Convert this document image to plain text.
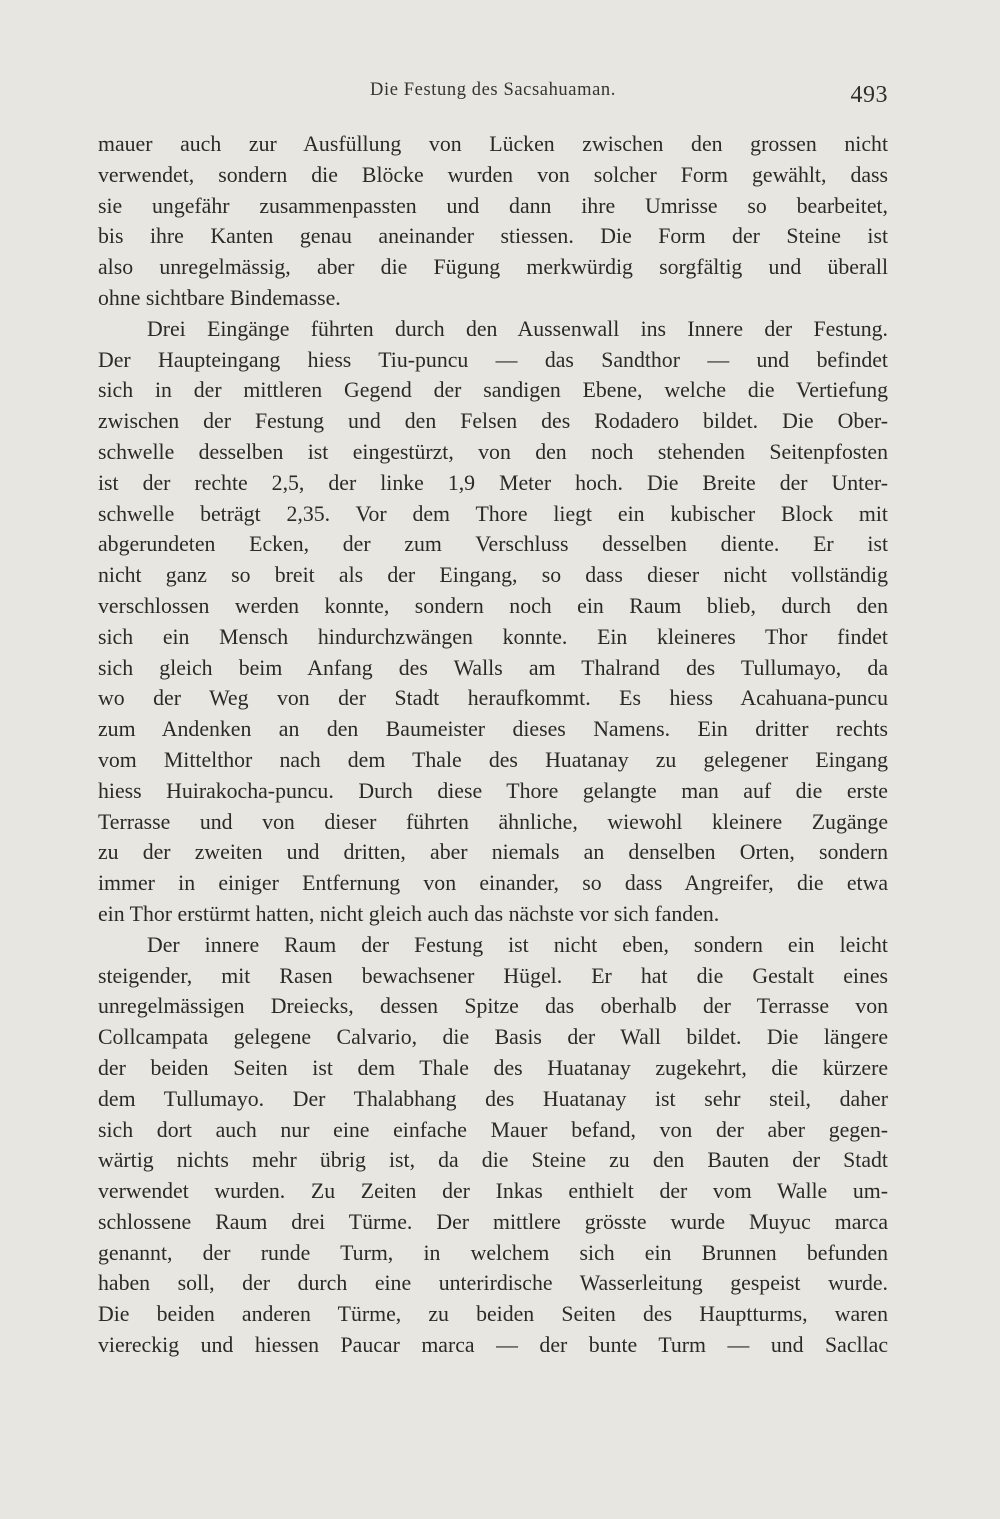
Die Festung des Sacsahuaman.	493
mauer auch zur Ausfüllung von Lücken zwischen den grossen nicht
verwendet, sondern die Blöcke wurden von solcher Form gewählt, dass
sie ungefähr zusammenpassten und dann ihre Umrisse so bearbeitet,
bis ihre Kanten genau aneinander stiessen. Die Form der Steine ist
also unregelmässig, aber die Fügung merkwürdig sorgfältig und überall
ohne sichtbare Bindemasse.
Drei Eingänge führten durch den Aussenwall ins Innere der Festung.
Der Haupteingang hiess Tiu-puncu — das Sandthor — und befindet
sich in der mittleren Gegend der sandigen Ebene, welche die Vertiefung
zwischen der Festung und den Felsen des Rodadero bildet. Die Ober-
schwelle desselben ist eingestürzt, von den noch stehenden Seitenpfosten
ist der rechte 2,5, der linke 1,9 Meter hoch. Die Breite der Unter-
schwelle beträgt 2,35. Vor dem Thore liegt ein kubischer Block mit
abgerundeten Ecken, der zum Verschluss desselben diente. Er ist
nicht ganz so breit als der Eingang, so dass dieser nicht vollständig
verschlossen werden konnte, sondern noch ein Raum blieb, durch den
sich ein Mensch hindurchzwängen konnte. Ein kleineres Thor findet
sich gleich beim Anfang des Walls am Thalrand des Tullumayo, da
wo der Weg von der Stadt heraufkommt. Es hiess Acahuana-puncu
zum Andenken an den Baumeister dieses Namens. Ein dritter rechts
vom Mittelthor nach dem Thale des Huatanay zu gelegener Eingang
hiess Huirakocha-puncu. Durch diese Thore gelangte man auf die erste
Terrasse und von dieser führten ähnliche, wiewohl kleinere Zugänge
zu der zweiten und dritten, aber niemals an denselben Orten, sondern
immer in einiger Entfernung von einander, so dass Angreifer, die etwa
ein Thor erstürmt hatten, nicht gleich auch das nächste vor sich fanden.
Der innere Raum der Festung ist nicht eben, sondern ein leicht
steigender, mit Rasen bewachsener Hügel. Er hat die Gestalt eines
unregelmässigen Dreiecks, dessen Spitze das oberhalb der Terrasse von
Collcampata gelegene Calvario, die Basis der Wall bildet. Die längere
der beiden Seiten ist dem Thale des Huatanay zugekehrt, die kürzere
dem Tullumayo. Der Thalabhang des Huatanay ist sehr steil, daher
sich dort auch nur eine einfache Mauer befand, von der aber gegen-
wärtig nichts mehr übrig ist, da die Steine zu den Bauten der Stadt
verwendet wurden. Zu Zeiten der Inkas enthielt der vom Walle um-
schlossene Raum drei Türme. Der mittlere grösste wurde Muyuc marca
genannt, der runde Turm, in welchem sich ein Brunnen befunden
haben soll, der durch eine unterirdische Wasserleitung gespeist wurde.
Die beiden anderen Türme, zu beiden Seiten des Hauptturms, waren
viereckig und hiessen Paucar marca — der bunte Turm — und Sacllac
